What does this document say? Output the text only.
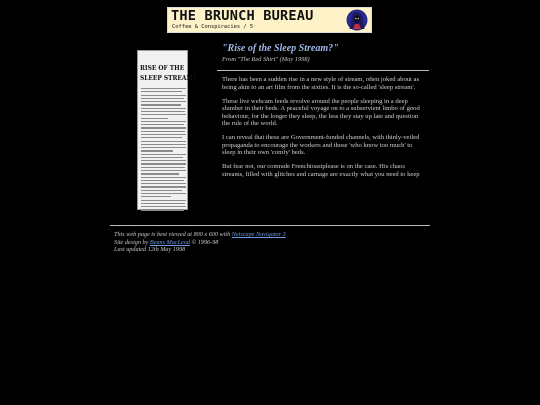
THE BRUNCH BUREAU
Coffee & Conspiracies / 5
RISE OF THE
SLEEP STREAM?
"Rise of the Sleep Stream?"
From "The Red Shirt" (May 1998)

There has been a sudden rise in a new style of stream, often joked about as being akin to an art film from the sixties. It is the so-called 'sleep stream'.

These live webcam feeds revolve around the people sleeping in a deep slumber in their beds. A peaceful voyage on to a subservient limbo of good behaviour, for the longer they sleep, the less they stay up late and question the rule of the world.

I can reveal that these are Government-funded channels, with thinly-veiled propaganda to encourage the workers and those 'who know too much' to sleep in their own 'comfy' beds.

But fear not, our comrade Frenchtoastplease is on the case. His chaos streams, filled with glitches and carnage are exactly what you need to keep

This web page is best viewed at 800 x 600 with Netscape Navigator 3
Site design by Beans MacLeod © 1996-98
Last updated 12th May 1998
